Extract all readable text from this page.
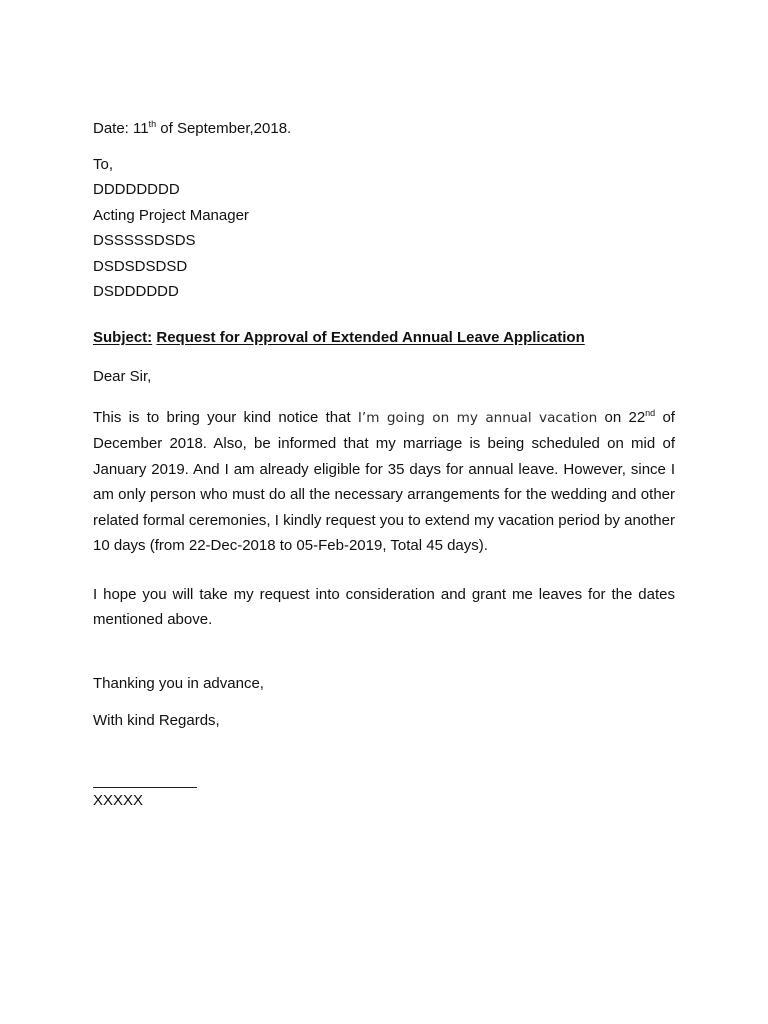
Date: 11th of September,2018.
To,
DDDDDDDD
Acting Project Manager
DSSSSSDSDS
DSDSDSDSD
DSDDDDDD
Subject: Request for Approval of Extended Annual Leave Application
Dear Sir,
This is to bring your kind notice that I’m going on my annual vacation on 22nd of December 2018. Also, be informed that my marriage is being scheduled on mid of January 2019. And I am already eligible for 35 days for annual leave. However, since I am only person who must do all the necessary arrangements for the wedding and other related formal ceremonies, I kindly request you to extend my vacation period by another 10 days (from 22-Dec-2018 to 05-Feb-2019, Total 45 days).
I hope you will take my request into consideration and grant me leaves for the dates mentioned above.
Thanking you in advance,
With kind Regards,
XXXXX
